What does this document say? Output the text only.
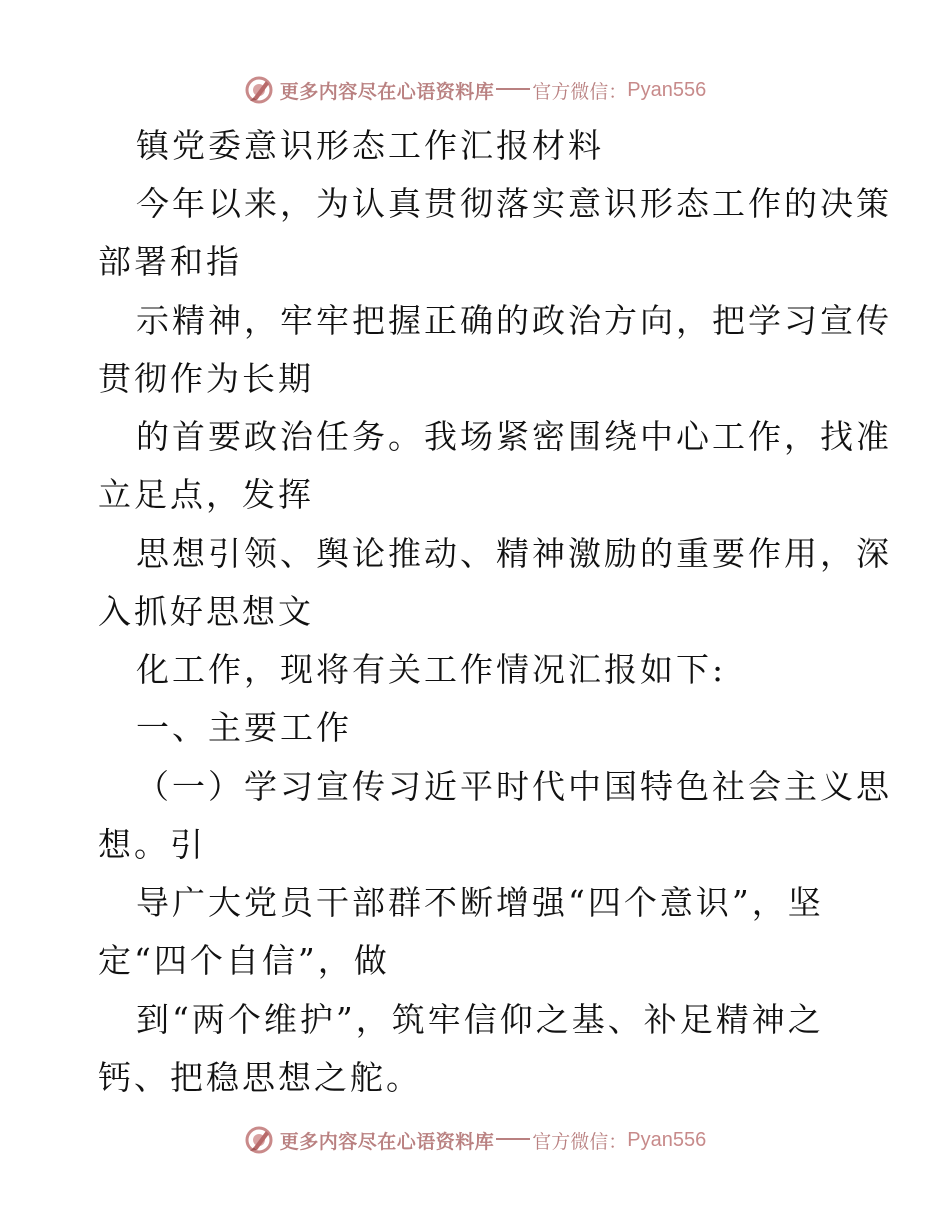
更多内容尽在心语资料库 官方微信： Pyan556
镇党委意识形态工作汇报材料
今年以来，为认真贯彻落实意识形态工作的决策
部署和指
示精神，牢牢把握正确的政治方向，把学习宣传
贯彻作为长期
的首要政治任务。我场紧密围绕中心工作，找准
立足点，发挥
思想引领、舆论推动、精神激励的重要作用，深
入抓好思想文
化工作，现将有关工作情况汇报如下:
一、主要工作
（一）学习宣传习近平时代中国特色社会主义思
想。引
导广大党员干部群不断增强“四个意识”，坚
定“四个自信”，做
到“两个维护”，筑牢信仰之基、补足精神之
钙、把稳思想之舵。
更多内容尽在心语资料库 官方微信： Pyan556
